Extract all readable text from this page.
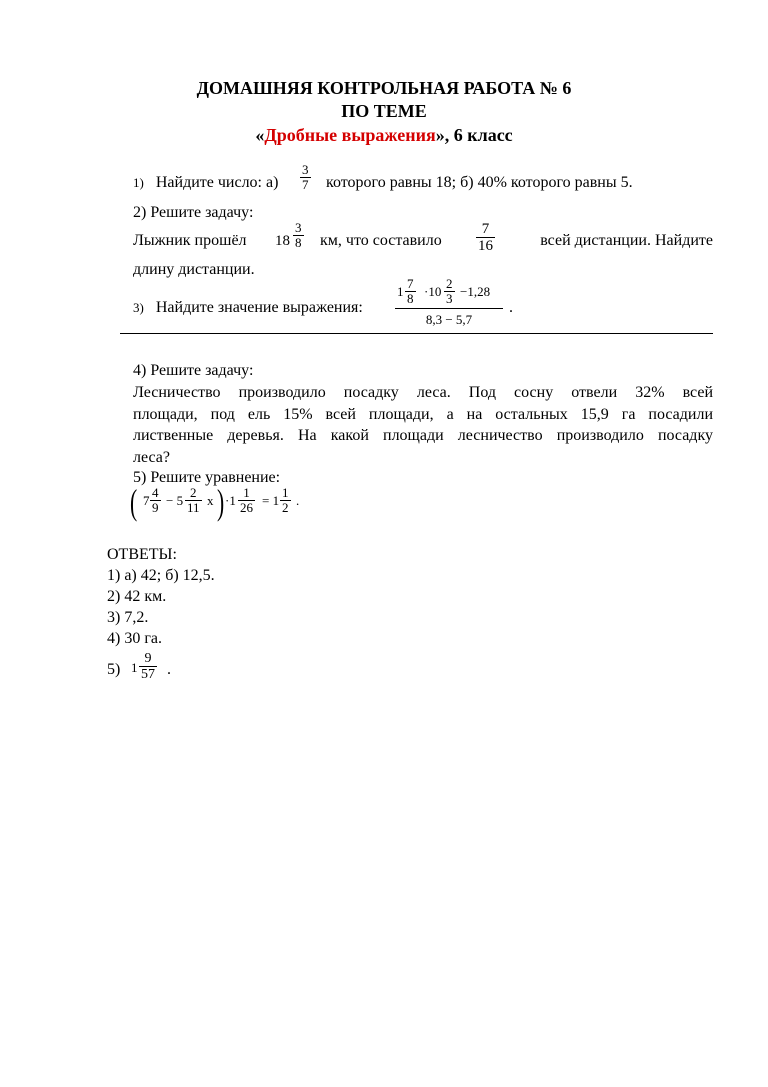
ДОМАШНЯЯ КОНТРОЛЬНАЯ РАБОТА № 6
ПО ТЕМЕ
«Дробные выражения», 6 класс
1) Найдите число: $а) \frac{3}{7}$ которого равны 18; б) 40% которого равны 5.
2) Решите задачу:
Лыжник прошёл $18 \frac{3}{8}$ км, что составило $\frac{7}{16}$	всей дистанции. Найдите
длину дистанции.
3) Найдите значение выражения:
$1 \frac{7}{8} \cdot 10 \frac{2}{3} -1,28$
8,3 − 5,7
.
4) Решите задачу:
Лесничество производило посадку леса. Под сосну отвели 32% всей
площади, под ель 15% всей площади, а на остальных 15,9 га посадили
лиственные деревья. На какой площади лесничество производило посадку
леса?
5) Решите уравнение:
( $7 \frac{4}{9} - 5 \frac{2}{11}$ x ) $\cdot 1 \frac{1}{26} = 1 \frac{1}{2}$ .
ОТВЕТЫ:
1) а) 42; б) 12,5.
2) 42 км.
3) 7,2.
4) 30 га.
5) $1 \frac{9}{57}$ .
